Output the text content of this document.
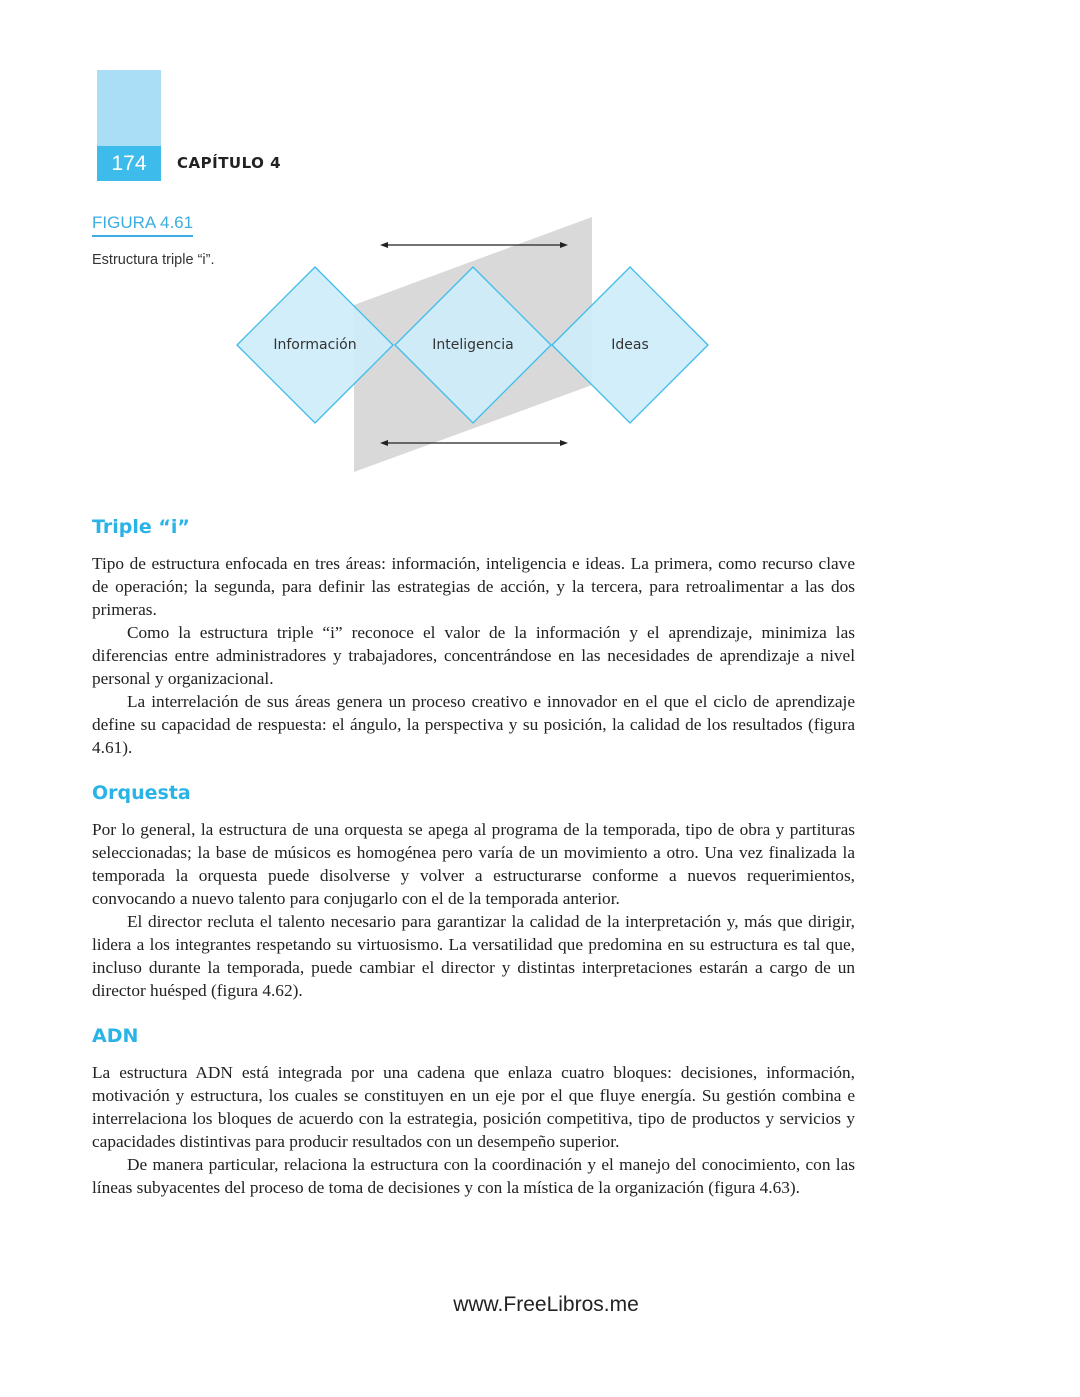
174	CAPÍTULO 4
FIGURA 4.61
Estructura triple “i”.
Información	Inteligencia	Ideas
Triple “i”

Tipo de estructura enfocada en tres áreas: información, inteligencia e ideas. La primera, como recurso clave de operación; la segunda, para definir las estrategias de acción, y la tercera, para retroalimentar a las dos primeras.

Como la estructura triple “i” reconoce el valor de la información y el aprendizaje, minimiza las diferencias entre administradores y trabajadores, concentrándose en las necesidades de aprendizaje a nivel personal y organizacional.

La interrelación de sus áreas genera un proceso creativo e innovador en el que el ciclo de aprendizaje define su capacidad de respuesta: el ángulo, la perspectiva y su posición, la calidad de los resultados (figura 4.61).

Orquesta

Por lo general, la estructura de una orquesta se apega al programa de la temporada, tipo de obra y partituras seleccionadas; la base de músicos es homogénea pero varía de un movimiento a otro. Una vez finalizada la temporada la orquesta puede disolverse y volver a estructurarse conforme a nuevos requerimientos, convocando a nuevo talento para conjugarlo con el de la temporada anterior.

El director recluta el talento necesario para garantizar la calidad de la interpretación y, más que dirigir, lidera a los integrantes respetando su virtuosismo. La versatilidad que predomina en su estructura es tal que, incluso durante la temporada, puede cambiar el director y distintas interpretaciones estarán a cargo de un director huésped (figura 4.62).

ADN

La estructura ADN está integrada por una cadena que enlaza cuatro bloques: decisiones, información, motivación y estructura, los cuales se constituyen en un eje por el que fluye energía. Su gestión combina e interrelaciona los bloques de acuerdo con la estrategia, posición competitiva, tipo de productos y servicios y capacidades distintivas para producir resultados con un desempeño superior.

De manera particular, relaciona la estructura con la coordinación y el manejo del conocimiento, con las líneas subyacentes del proceso de toma de decisiones y con la mística de la organización (figura 4.63).

www.FreeLibros.me
